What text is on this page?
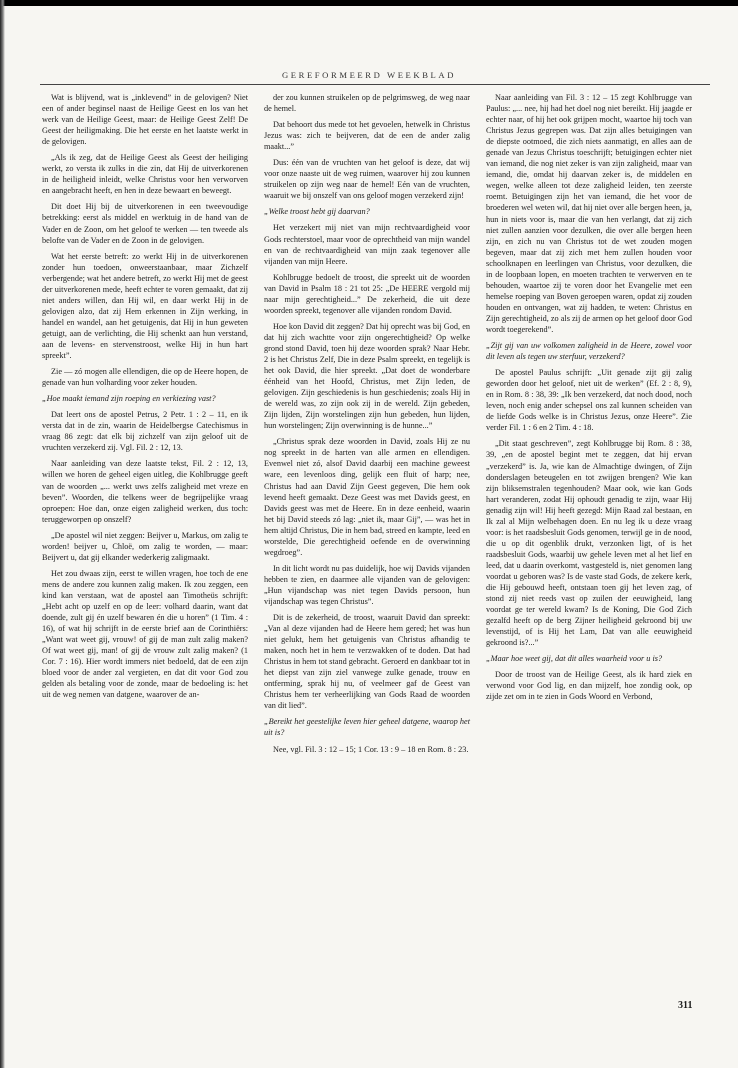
GEREFORMEERD WEEKBLAD

Wat is blijvend, wat is „inklevend” in de gelovigen? Niet een of ander beginsel naast de Heilige Geest en los van het werk van de Heilige Geest, maar: de Heilige Geest Zelf! De Geest der heiligmaking. Die het eerste en het laatste werkt in de gelovigen.

„Als ik zeg, dat de Heilige Geest als Geest der heiliging werkt, zo versta ik zulks in die zin, dat Hij de uitverkorenen in de heiligheid inleidt, welke Christus voor hen verworven en aangebracht heeft, en hen in deze bewaart en beweegt.

Dit doet Hij bij de uitverkorenen in een tweevoudige betrekking: eerst als middel en werktuig in de hand van de Vader en de Zoon, om het geloof te werken — ten tweede als beloftе van de Vader en de Zoon in de gelovigen.

Wat het eerste betreft: zo werkt Hij in de uitverkorenen zonder hun toedoen, onweerstaanbaar, maar Zichzelf verbergende; wat het andere betreft, zo werkt Hij met de geest der uitverkorenen mede, heeft echter te voren gemaakt, dat zij niet anders willen, dan Hij wil, en daar werkt Hij in de gelovigen alzo, dat zij Hem erkennen in Zijn werking, in handel en wandel, aan het getuigenis, dat Hij in hun geweten getuigt, aan de verlichting, die Hij schenkt aan hun verstand, aan de levens- en stervenstroost, welke Hij in hun hart spreekt”.

Zie — zó mogen alle ellendigen, die op de Heere hopen, de genade van hun volharding voor zeker houden.

„Hoe maakt iemand zijn roeping en verkiezing vast?

Dat leert ons de apostel Petrus, 2 Petr. 1 : 2 – 11, en ik versta dat in de zin, waarin de Heidelbergse Catechismus in vraag 86 zegt: dat elk bij zichzelf van zijn geloof uit de vruchten verzekerd zij. Vgl. Fil. 2 : 12, 13.

Naar aanleiding van deze laatste tekst, Fil. 2 : 12, 13, willen we horen de geheel eigen uitleg, die Kohlbrugge geeft van de woorden „... werkt uws zelfs zaligheid met vreze en beven”. Woorden, die telkens weer de begrijpelijke vraag oproepen: Hoe dan, onze eigen zaligheid werken, dus toch: teruggeworpen op onszelf?

„De apostel wil niet zeggen: Beijver u, Markus, om zalig te worden! beijver u, Chloë, om zalig te worden, — maar: Beijvert u, dat gij elkander wederkerig zaligmaakt.

Het zou dwaas zijn, eerst te willen vragen, hoe toch de ene mens de andere zou kunnen zalig maken. Ik zou zeggen, een kind kan verstaan, wat de apostel aan Timotheüs schrijft: „Hebt acht op uzelf en op de leer: volhard daarin, want dat doende, zult gij én uzelf bewaren én die u horen” (1 Tim. 4 : 16), of wat hij schrijft in de eerste brief aan de Corinthiërs: „Want wat weet gij, vrouw! of gij de man zult zalig maken? Of wat weet gij, man! of gij de vrouw zult zalig maken? (1 Cor. 7 : 16). Hier wordt immers niet bedoeld, dat de een zijn bloed voor de ander zal vergieten, en dat dit voor God zou gelden als betaling voor de zonde, maar de bedoeling is: het uit de weg nemen van datgene, waarover de an-

der zou kunnen struikelen op de pelgrimsweg, de weg naar de hemel.

Dat behoort dus mede tot het gevoelen, hetwelk in Christus Jezus was: zich te beijveren, dat de een de ander zalig maakt...”

Dus: één van de vruchten van het geloof is deze, dat wij voor onze naaste uit de weg ruimen, waarover hij zou kunnen struikelen op zijn weg naar de hemel! Eén van de vruchten, waaruit we bij onszelf van ons geloof mogen verzekerd zijn!

„Welke troost hebt gij daarvan?

Het verzekert mij niet van mijn rechtvaardigheid voor Gods rechterstoel, maar voor de oprechtheid van mijn wandel en van de rechtvaardigheid van mijn zaak tegenover alle vijanden van mijn Heere.

Kohlbrugge bedoelt de troost, die spreekt uit de woorden van David in Psalm 18 : 21 tot 25: „De HEERE vergold mij naar mijn gerechtigheid...” De zekerheid, die uit deze woorden spreekt, tegenover alle vijanden rondom David.

Hoe kon David dit zeggen? Dat hij oprecht was bij God, en dat hij zich wachtte voor zijn ongerechtigheid? Op welke grond stond David, toen hij deze woorden sprak? Naar Hebr. 2 is het Christus Zelf, Die in deze Psalm spreekt, en tegelijk is het ook David, die hier spreekt. „Dat doet de wonderbare éénheid van het Hoofd, Christus, met Zijn leden, de gelovigen. Zijn geschiedenis is hun geschiedenis; zoals Hij in de wereld was, zo zijn ook zij in de wereld. Zijn gebeden, Zijn lijden, Zijn worstelingen zijn hun gebeden, hun lijden, hun worstelingen; Zijn overwinning is de hunne...”

„Christus sprak deze woorden in David, zoals Hij ze nu nog spreekt in de harten van alle armen en ellendigen. Evenwel niet zó, alsof David daarbij een machine geweest ware, een levenloos ding, gelijk een fluit of harp; nee, Christus had aan David Zijn Geest gegeven, Die hem ook levend heeft gemaakt. Deze Geest was met Davids geest, en Davids geest was met de Heere. En in deze eenheid, waarin het bij David steeds zó lag: „niet ik, maar Gij”, — was het in hem altijd Christus, Die in hem bad, streed en kampte, leed en worstelde, Die gerechtigheid oefende en de overwinning wegdroeg”.

In dit licht wordt nu pas duidelijk, hoe wij Davids vijanden hebben te zien, en daarmee alle vijanden van de gelovigen: „Hun vijandschap was niet tegen Davids persoon, hun vijandschap was tegen Christus”.

Dit is de zekerheid, de troost, waaruit David dan spreekt: „Van al deze vijanden had de Heere hem gered; het was hun niet gelukt, hem het getuigenis van Christus afhandig te maken, noch het in hem te verzwakken of te doden. Dat had Christus in hem tot stand gebracht. Geroerd en dankbaar tot in het diepst van zijn ziel vanwege zulke genade, trouw en ontferming, sprak hij nu, of veelmeer gaf de Geest van Christus hem ter verheerlijking van Gods Raad de woorden van dit lied”.

„Bereikt het geestelijke leven hier geheel datgene, waarop het uit is?

Nee, vgl. Fil. 3 : 12 – 15; 1 Cor. 13 : 9 – 18 en Rom. 8 : 23.

Naar aanleiding van Fil. 3 : 12 – 15 zegt Kohlbrugge van Paulus: „... nee, hij had het doel nog niet bereikt. Hij jaagde er echter naar, of hij het ook grijpen mocht, waartoe hij toch van Christus Jezus gegrepen was. Dat zijn alles betuigingen van de diepste ootmoed, die zich niets aanmatigt, en alles aan de genade van Jezus Christus toeschrijft; betuigingen echter niet van iemand, die nog niet zeker is van zijn zaligheid, maar van iemand, die, omdat hij daarvan zeker is, de middelen en wegen, welke alleen tot deze zaligheid leiden, ten zeerste roemt. Betuigingen zijn het van iemand, die het voor de broederen wel weten wil, dat hij niet over alle bergen heen, ja, hun in niets voor is, maar die van hen verlangt, dat zij zich niet zullen aanzien voor dezulken, die over alle bergen heen zijn, en zich nu van Christus tot de wet zouden mogen begeven, maar dat zij zich met hem zullen houden voor schoolknapen en leerlingen van Christus, voor dezulken, die in de loopbaan lopen, en moeten trachten te verwerven en te behouden, waartoe zij te voren door het Evangelie met een hemelse roeping van Boven geroepen waren, opdat zij zouden houden en ontvangen, wat zij hadden, te weten: Christus en Zijn gerechtigheid, zo als zij de armen op het geloof door God wordt toegerekend”.

„Zijt gij van uw volkomen zaligheid in de Heere, zowel voor dit leven als tegen uw sterfuur, verzekerd?

De apostel Paulus schrijft: „Uit genade zijt gij zalig geworden door het geloof, niet uit de werken” (Ef. 2 : 8, 9), en in Rom. 8 : 38, 39: „Ik ben verzekerd, dat noch dood, noch leven, noch enig ander schepsel ons zal kunnen scheiden van de liefde Gods welke is in Christus Jezus, onze Heere”. Zie verder Fil. 1 : 6 en 2 Tim. 4 : 18.

„Dit staat geschreven”, zegt Kohlbrugge bij Rom. 8 : 38, 39, „en de apostel begint met te zeggen, dat hij ervan „verzekerd” is. Ja, wie kan de Almachtige dwingen, of Zijn donderslagen beteugelen en tot zwijgen brengen? Wie kan zijn bliksemstralen tegenhouden? Maar ook, wie kan Gods hart veranderen, zodat Hij ophoudt genadig te zijn, waar Hij genadig zijn wil! Hij heeft gezegd: Mijn Raad zal bestaan, en Ik zal al Mijn welbehagen doen. En nu leg ik u deze vraag voor: is het raadsbesluit Gods genomen, terwijl ge in de nood, die u op dit ogenblik drukt, verzonken ligt, of is het raadsbesluit Gods, waarbij uw gehele leven met al het lief en leed, dat u daarin overkomt, vastgesteld is, niet genomen lang voordat u geboren was? Is de vaste stad Gods, de zekere kerk, die Hij gebouwd heeft, ontstaan toen gij het leven zag, of stond zij niet reeds vast op zuilen der eeuwigheid, lang voordat ge ter wereld kwam? Is de Koning, Die God Zich gezalfd heeft op de berg Zijner heiligheid gekroond bij uw levenstijd, of is Hij het Lam, Dat van alle eeuwigheid gekroond is?...”

„Maar hoe weet gij, dat dit alles waarheid voor u is?

Door de troost van de Heilige Geest, als ik hard ziek en verwond voor God lig, en dan mijzelf, hoe zondig ook, op zijde zet om in te zien in Gods Woord en Verbond,

311
